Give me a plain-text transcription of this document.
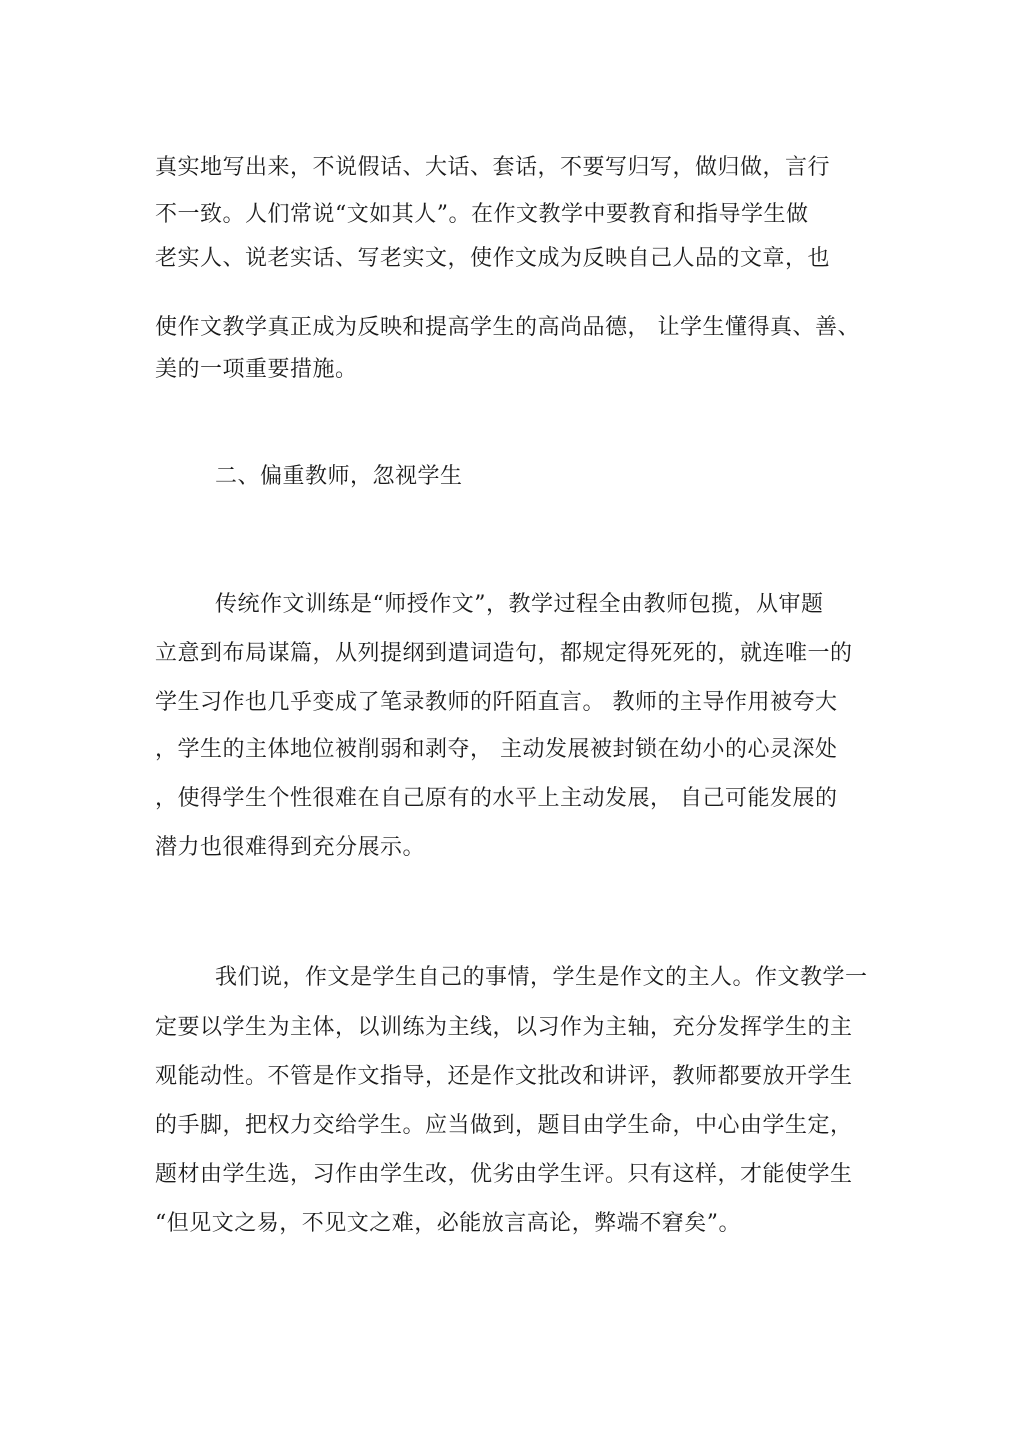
真实地写出来，不说假话、大话、套话，不要写归写，做归做，言行
不一致。人们常说“文如其人”。在作文教学中要教育和指导学生做
老实人、说老实话、写老实文，使作文成为反映自己人品的文章，也
使作文教学真正成为反映和提高学生的高尚品德， 让学生懂得真、善、
美的一项重要措施。
二、偏重教师，忽视学生
传统作文训练是“师授作文”，教学过程全由教师包揽，从审题
立意到布局谋篇，从列提纲到遣词造句，都规定得死死的，就连唯一的
学生习作也几乎变成了笔录教师的阡陌直言。 教师的主导作用被夸大
，学生的主体地位被削弱和剥夺， 主动发展被封锁在幼小的心灵深处
，使得学生个性很难在自己原有的水平上主动发展， 自己可能发展的
潜力也很难得到充分展示。
我们说，作文是学生自己的事情，学生是作文的主人。作文教学一
定要以学生为主体，以训练为主线，以习作为主轴，充分发挥学生的主
观能动性。不管是作文指导，还是作文批改和讲评，教师都要放开学生
的手脚，把权力交给学生。应当做到，题目由学生命，中心由学生定，
题材由学生选，习作由学生改，优劣由学生评。只有这样，才能使学生
“但见文之易，不见文之难，必能放言高论，弊端不窘矣”。
